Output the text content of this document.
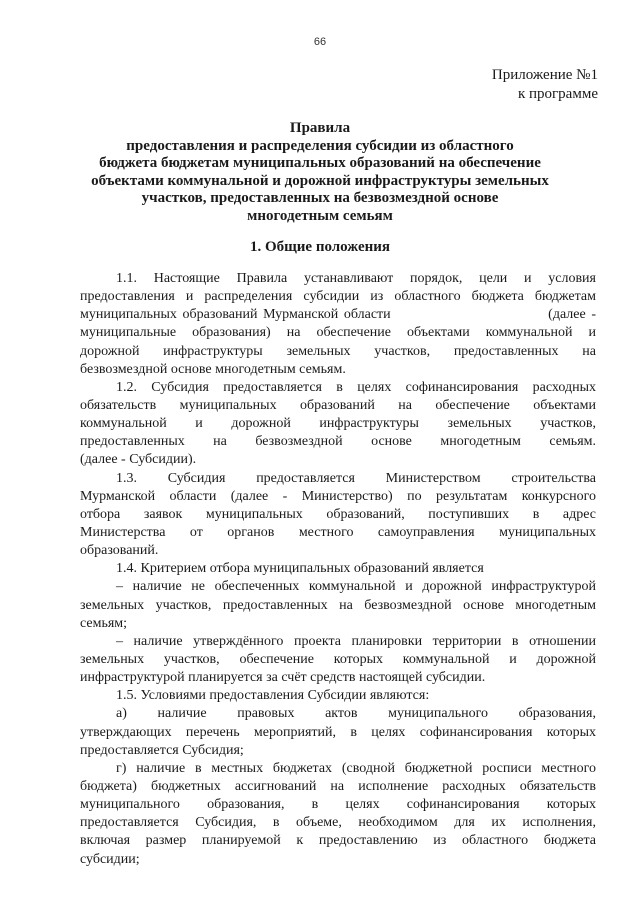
66
Приложение №1
к программе
Правила
предоставления и распределения субсидии из областного
бюджета бюджетам муниципальных образований на обеспечение
объектами коммунальной и дорожной инфраструктуры земельных
участков, предоставленных на безвозмездной основе
многодетным семьям
1. Общие положения
1.1. Настоящие Правила устанавливают порядок, цели и условия
предоставления и распределения субсидии из областного бюджета бюджетам
муниципальных образований Мурманской области                            (далее -
муниципальные образования) на обеспечение объектами коммунальной и
дорожной инфраструктуры земельных участков, предоставленных на
безвозмездной основе многодетным семьям.
1.2. Субсидия предоставляется в целях софинансирования расходных
обязательств муниципальных образований на обеспечение объектами
коммунальной и дорожной инфраструктуры земельных участков,
предоставленных на безвозмездной основе многодетным семьям.
(далее - Субсидии).
1.3. Субсидия предоставляется Министерством строительства
Мурманской области (далее - Министерство) по результатам конкурсного
отбора заявок муниципальных образований, поступивших в адрес
Министерства от органов местного самоуправления муниципальных
образований.
1.4. Критерием отбора муниципальных образований является
– наличие не обеспеченных коммунальной и дорожной инфраструктурой
земельных участков, предоставленных на безвозмездной основе многодетным
семьям;
– наличие утверждённого проекта планировки территории в отношении
земельных участков, обеспечение которых коммунальной и дорожной
инфраструктурой планируется за счёт средств настоящей субсидии.
1.5. Условиями предоставления Субсидии являются:
а) наличие правовых актов муниципального образования,
утверждающих перечень мероприятий, в целях софинансирования которых
предоставляется Субсидия;
г) наличие в местных бюджетах (сводной бюджетной росписи местного
бюджета) бюджетных ассигнований на исполнение расходных обязательств
муниципального образования, в целях софинансирования которых
предоставляется Субсидия, в объеме, необходимом для их исполнения,
включая размер планируемой к предоставлению из областного бюджета
субсидии;
